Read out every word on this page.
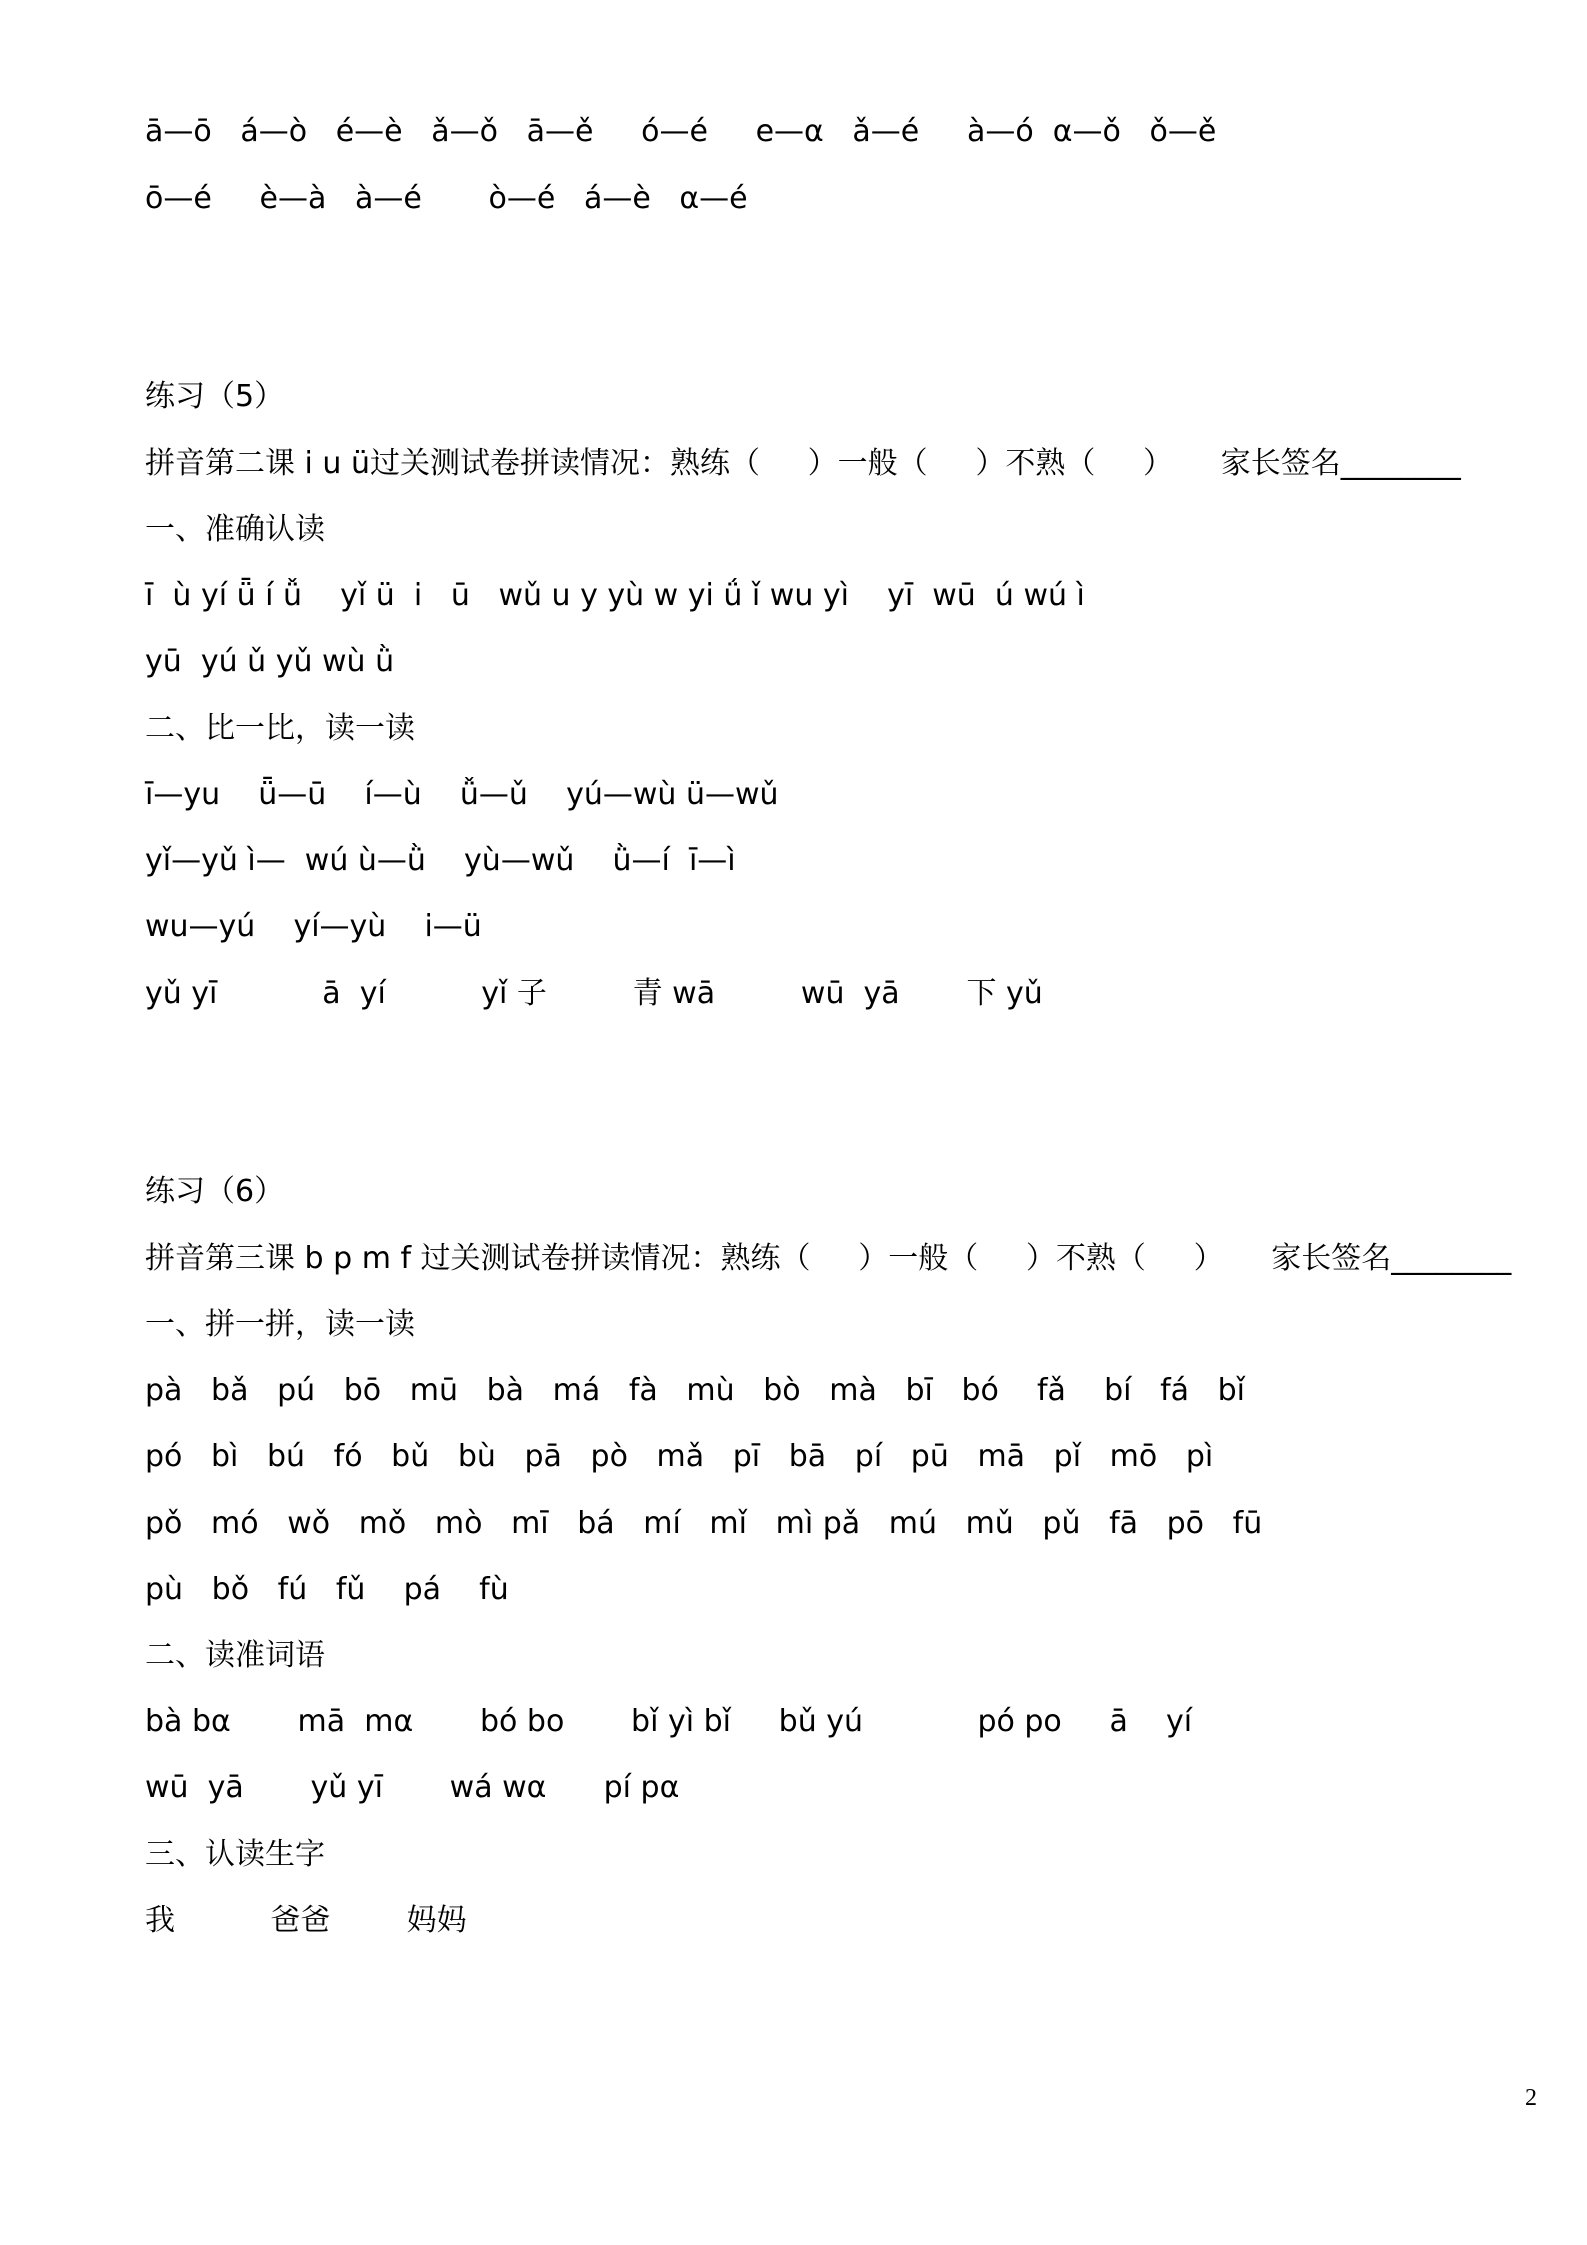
ā—ō   á—ò   é—è   ǎ—ǒ   ā—ě     ó—é     e—α   ǎ—é     à—ó  α—ǒ   ǒ—ě
ō—é     è—à   à—é       ò—é   á—è   α—é
练习（5）
拼音第二课 i u ü过关测试卷拼读情况：熟练（     ）一般（     ）不熟（     ）     家长签名________
一、准确认读
ī  ù yí ǖ í ǚ    yǐ ü  i   ū   wǔ u y yù w yi ǘ ǐ wu yì    yī  wū  ú wú ì
yū  yú ǔ yǔ wù ǜ
二、比一比，读一读
ī—yu    ǖ—ū    í—ù    ǚ—ǔ    yú—wù ü—wǔ
yǐ—yǔ ì—  wú ù—ǜ    yù—wǔ    ǜ—í  ī—ì
wu—yú    yí—yù    i—ü
yǔ yī           ā  yí          yǐ 子         青 wā         wū  yā       下 yǔ
练习（6）
拼音第三课 b p m f 过关测试卷拼读情况：熟练（     ）一般（     ）不熟（     ）     家长签名________
一、拼一拼，读一读
pà   bǎ   pú   bō   mū   bà   má   fà   mù   bò   mà   bī   bó    fǎ    bí   fá   bǐ
pó   bì   bú   fó   bǔ   bù   pā   pò   mǎ   pī   bā   pí   pū   mā   pǐ   mō   pì
pǒ   mó   wǒ   mǒ   mò   mī   bá   mí   mǐ   mì pǎ   mú   mǔ   pǔ   fā   pō   fū
pù   bǒ   fú   fǔ    pá    fù
二、读准词语
bà bα       mā  mα       bó bo       bǐ yì bǐ     bǔ yú            pó po     ā    yí
wū  yā       yǔ yī       wá wα      pí pα
三、认读生字
我          爸爸        妈妈
2
